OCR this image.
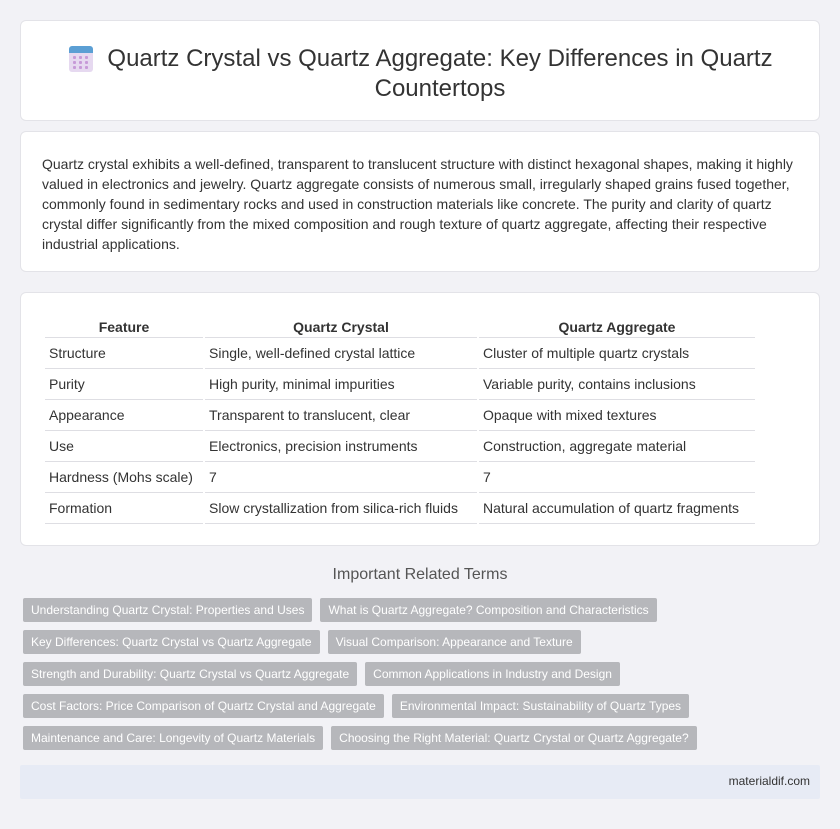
Quartz Crystal vs Quartz Aggregate: Key Differences in Quartz Countertops

Quartz crystal exhibits a well-defined, transparent to translucent structure with distinct hexagonal shapes, making it highly valued in electronics and jewelry. Quartz aggregate consists of numerous small, irregularly shaped grains fused together, commonly found in sedimentary rocks and used in construction materials like concrete. The purity and clarity of quartz crystal differ significantly from the mixed composition and rough texture of quartz aggregate, affecting their respective industrial applications.

Feature	Quartz Crystal	Quartz Aggregate
Structure	Single, well-defined crystal lattice	Cluster of multiple quartz crystals
Purity	High purity, minimal impurities	Variable purity, contains inclusions
Appearance	Transparent to translucent, clear	Opaque with mixed textures
Use	Electronics, precision instruments	Construction, aggregate material
Hardness (Mohs scale)	7	7
Formation	Slow crystallization from silica-rich fluids	Natural accumulation of quartz fragments
Important Related Terms
Understanding Quartz Crystal: Properties and Uses	What is Quartz Aggregate? Composition and Characteristics
Key Differences: Quartz Crystal vs Quartz Aggregate	Visual Comparison: Appearance and Texture
Strength and Durability: Quartz Crystal vs Quartz Aggregate	Common Applications in Industry and Design
Cost Factors: Price Comparison of Quartz Crystal and Aggregate	Environmental Impact: Sustainability of Quartz Types
Maintenance and Care: Longevity of Quartz Materials	Choosing the Right Material: Quartz Crystal or Quartz Aggregate?
materialdif.com
